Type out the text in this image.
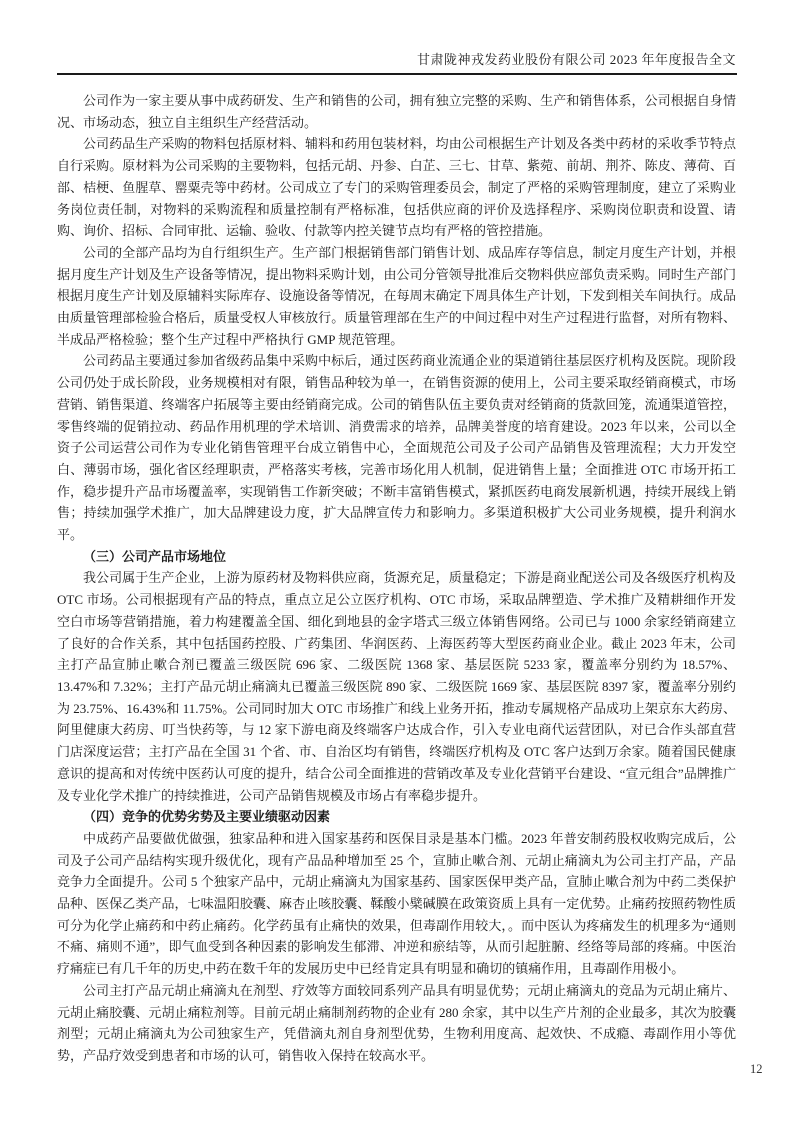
甘肃陇神戎发药业股份有限公司 2023 年年度报告全文

公司作为一家主要从事中成药研发、生产和销售的公司，拥有独立完整的采购、生产和销售体系，公司根据自身情况、市场动态，独立自主组织生产经营活动。

公司药品生产采购的物料包括原材料、辅料和药用包装材料，均由公司根据生产计划及各类中药材的采收季节特点自行采购。原材料为公司采购的主要物料，包括元胡、丹参、白芷、三七、甘草、紫菀、前胡、荆芥、陈皮、薄荷、百部、桔梗、鱼腥草、罂粟壳等中药材。公司成立了专门的采购管理委员会，制定了严格的采购管理制度，建立了采购业务岗位责任制，对物料的采购流程和质量控制有严格标准，包括供应商的评价及选择程序、采购岗位职责和设置、请购、询价、招标、合同审批、运输、验收、付款等内控关键节点均有严格的管控措施。

公司的全部产品均为自行组织生产。生产部门根据销售部门销售计划、成品库存等信息，制定月度生产计划，并根据月度生产计划及生产设备等情况，提出物料采购计划，由公司分管领导批准后交物料供应部负责采购。同时生产部门根据月度生产计划及原辅料实际库存、设施设备等情况，在每周末确定下周具体生产计划，下发到相关车间执行。成品由质量管理部检验合格后，质量受权人审核放行。质量管理部在生产的中间过程中对生产过程进行监督，对所有物料、半成品严格检验；整个生产过程中严格执行 GMP 规范管理。

公司药品主要通过参加省级药品集中采购中标后，通过医药商业流通企业的渠道销往基层医疗机构及医院。现阶段公司仍处于成长阶段，业务规模相对有限，销售品种较为单一，在销售资源的使用上，公司主要采取经销商模式，市场营销、销售渠道、终端客户拓展等主要由经销商完成。公司的销售队伍主要负责对经销商的货款回笼，流通渠道管控，零售终端的促销拉动、药品作用机理的学术培训、消费需求的培养，品牌美誉度的培育建设。2023 年以来，公司以全资子公司运营公司作为专业化销售管理平台成立销售中心，全面规范公司及子公司产品销售及管理流程；大力开发空白、薄弱市场，强化省区经理职责，严格落实考核，完善市场化用人机制，促进销售上量；全面推进 OTC 市场开拓工作，稳步提升产品市场覆盖率，实现销售工作新突破；不断丰富销售模式，紧抓医药电商发展新机遇，持续开展线上销售；持续加强学术推广，加大品牌建设力度，扩大品牌宣传力和影响力。多渠道积极扩大公司业务规模，提升利润水平。

（三）公司产品市场地位

我公司属于生产企业，上游为原药材及物料供应商，货源充足，质量稳定；下游是商业配送公司及各级医疗机构及 OTC 市场。公司根据现有产品的特点，重点立足公立医疗机构、OTC 市场，采取品牌塑造、学术推广及精耕细作开发空白市场等营销措施，着力构建覆盖全国、细化到地县的金字塔式三级立体销售网络。公司已与 1000 余家经销商建立了良好的合作关系，其中包括国药控股、广药集团、华润医药、上海医药等大型医药商业企业。截止 2023 年末，公司主打产品宣肺止嗽合剂已覆盖三级医院 696 家、二级医院 1368 家、基层医院 5233 家，覆盖率分别约为 18.57%、13.47%和 7.32%；主打产品元胡止痛滴丸已覆盖三级医院 890 家、二级医院 1669 家、基层医院 8397 家，覆盖率分别约为 23.75%、16.43%和 11.75%。公司同时加大 OTC 市场推广和线上业务开拓，推动专属规格产品成功上架京东大药房、阿里健康大药房、叮当快药等，与 12 家下游电商及终端客户达成合作，引入专业电商代运营团队，对已合作头部直营门店深度运营；主打产品在全国 31 个省、市、自治区均有销售，终端医疗机构及 OTC 客户达到万余家。随着国民健康意识的提高和对传统中医药认可度的提升，结合公司全面推进的营销改革及专业化营销平台建设、“宣元组合”品牌推广及专业化学术推广的持续推进，公司产品销售规模及市场占有率稳步提升。

（四）竞争的优势劣势及主要业绩驱动因素

中成药产品要做优做强，独家品种和进入国家基药和医保目录是基本门槛。2023 年普安制药股权收购完成后，公司及子公司产品结构实现升级优化，现有产品品种增加至 25 个，宣肺止嗽合剂、元胡止痛滴丸为公司主打产品，产品竞争力全面提升。公司 5 个独家产品中，元胡止痛滴丸为国家基药、国家医保甲类产品，宣肺止嗽合剂为中药二类保护品种、医保乙类产品，七味温阳胶囊、麻杏止咳胶囊、鞣酸小檗碱膜在政策资质上具有一定优势。止痛药按照药物性质可分为化学止痛药和中药止痛药。化学药虽有止痛快的效果，但毒副作用较大，。而中医认为疼痛发生的机理多为“通则不痛、痛则不通”，即气血受到各种因素的影响发生郁滞、冲逆和瘀结等，从而引起脏腑、经络等局部的疼痛。中医治疗痛症已有几千年的历史,中药在数千年的发展历史中已经肯定具有明显和确切的镇痛作用，且毒副作用极小。

公司主打产品元胡止痛滴丸在剂型、疗效等方面较同系列产品具有明显优势；元胡止痛滴丸的竞品为元胡止痛片、元胡止痛胶囊、元胡止痛粒剂等。目前元胡止痛制剂药物的企业有 280 余家，其中以生产片剂的企业最多，其次为胶囊剂型；元胡止痛滴丸为公司独家生产，凭借滴丸剂自身剂型优势，生物利用度高、起效快、不成瘾、毒副作用小等优势，产品疗效受到患者和市场的认可，销售收入保持在较高水平。

12
